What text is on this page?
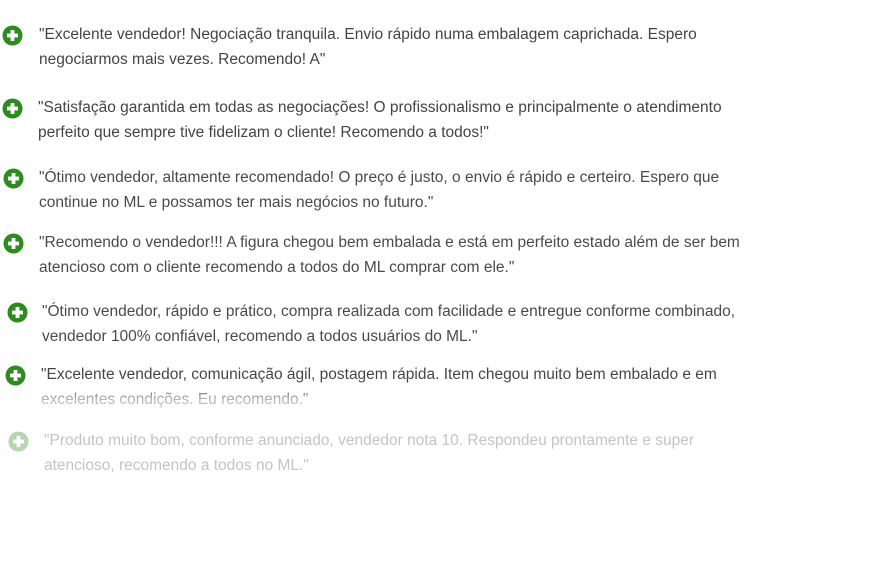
"Excelente vendedor! Negociação tranquila. Envio rápido numa embalagem caprichada. Espero negociarmos mais vezes. Recomendo! A"
"Satisfação garantida em todas as negociações! O profissionalismo e principalmente o atendimento perfeito que sempre tive fidelizam o cliente! Recomendo a todos!"
"Ótimo vendedor, altamente recomendado! O preço é justo, o envio é rápido e certeiro. Espero que continue no ML e possamos ter mais negócios no futuro."
"Recomendo o vendedor!!! A figura chegou bem embalada e está em perfeito estado além de ser bem atencioso com o cliente recomendo a todos do ML comprar com ele."
"Ótimo vendedor, rápido e prático, compra realizada com facilidade e entregue conforme combinado, vendedor 100% confiável, recomendo a todos usuários do ML."
"Excelente vendedor, comunicação ágil, postagem rápida. Item chegou muito bem embalado e em excelentes condições. Eu recomendo."
"Produto muito bom, conforme anunciado, vendedor nota 10. Respondeu prontamente e super atencioso, recomendo a todos no ML."
